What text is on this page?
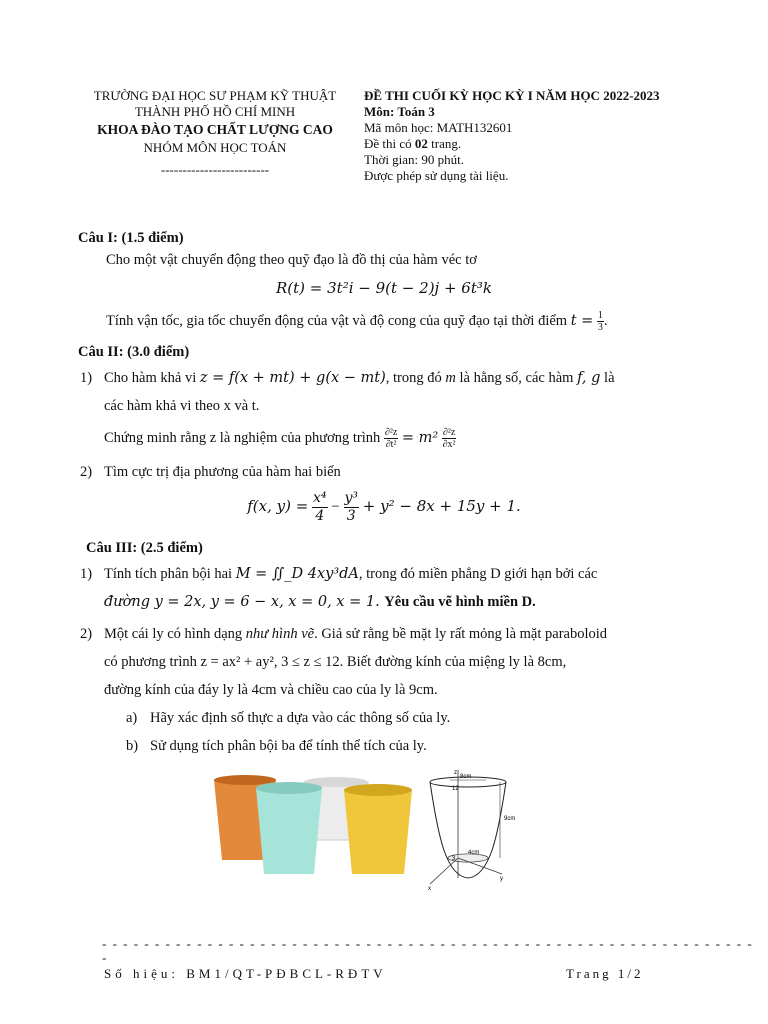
TRƯỜNG ĐẠI HỌC SƯ PHẠM KỸ THUẬT
THÀNH PHỐ HỒ CHÍ MINH
KHOA ĐÀO TẠO CHẤT LƯỢNG CAO
NHÓM MÔN HỌC TOÁN
-------------------------
ĐỀ THI CUỐI KỲ HỌC KỲ I NĂM HỌC 2022-2023
Môn: Toán 3
Mã môn học: MATH132601
Đề thi có 02 trang.
Thời gian: 90 phút.
Được phép sử dụng tài liệu.
Câu I: (1.5 điểm)
Cho một vật chuyển động theo quỹ đạo là đồ thị của hàm véc tơ
R(t) = 3t²i − 9(t − 2)j + 6t³k
Tính vận tốc, gia tốc chuyển động của vật và độ cong của quỹ đạo tại thời điểm $t = \frac{1}{3}$ .
Câu II: (3.0 điểm)
1) Cho hàm khả vi z = f(x + mt) + g(x − mt), trong đó m là hằng số, các hàm f, g là
các hàm khả vi theo x và t.
Chứng minh rằng z là nghiệm của phương trình $\frac{\text{∂²z}}{\text{∂t²}} = m^2 \frac{\text{∂²z}}{\text{∂x²}}$
2) Tìm cực trị địa phương của hàm hai biến
f(x, $y) = \frac{\text{x⁴}}{4} - \frac{\text{y³}}{3} + y^2 - 8x + 15y + 1$.
Câu III: (2.5 điểm)
1) Tính tích phân bội hai M = ∬_D 4xy³dA, trong đó miền phẳng D giới hạn bởi các
đường y = 2x, y = 6 − x, x = 0, x = 1. Yêu cầu vẽ hình miền D.
2) Một cái ly có hình dạng như hình vẽ. Giả sử rằng bề mặt ly rất mỏng là mặt paraboloid
có phương trình z = ax² + ay², 3 ≤ z ≤ 12. Biết đường kính của miệng ly là 8cm,
đường kính của đáy ly là 4cm và chiều cao của ly là 9cm.
a) Hãy xác định số thực a dựa vào các thông số của ly.
b) Sử dụng tích phân bội ba để tính thể tích của ly.
z
8cm
12
9cm
4cm
3
x
y
- - - - - - - - - - - - - - - - - - - - - - - - - - - - - - - - - - - - - - - - - - - - - - - - - - - - - - - - - - - - - -
-
Số hiệu: BM1/QT-PĐBCL-RĐTV	Trang 1/2
